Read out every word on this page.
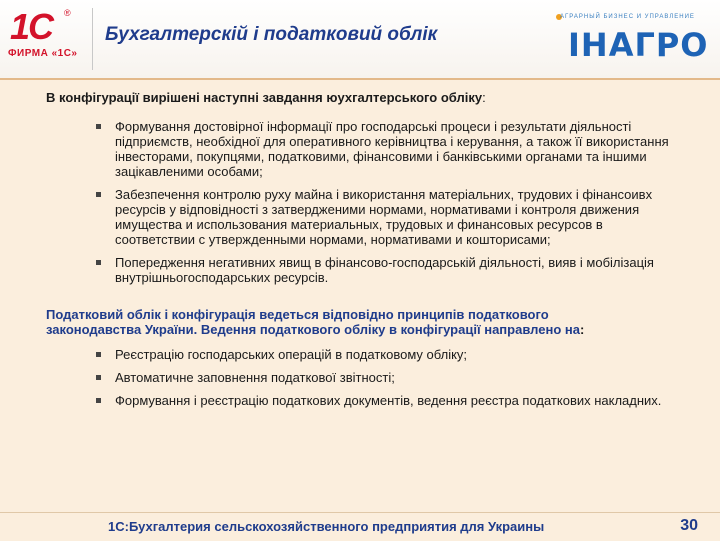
1C ®
ФИРМА «1С»
Бухгалтерскій і податковий облік
АГРАРНЫЙ БИЗНЕС И УПРАВЛЕНИЕ
ІНАГРО

В конфігурації вирішені наступні завдання юухгалтерського обліку:

Формування достовірної інформації про господарські процеси і результати діяльності підприємств, необхідної для оперативного керівництва і керування, а також її використання інвесторами, покупцями, податковими, фінансовими і банківськими органами та іншими зацікавленими особами;
Забезпечення контролю руху майна і використання матеріальних, трудових і фінансоивх ресурсів у відповідності з затвердженими нормами, нормативами і контроля движения имущества и использования материальных, трудовых и финансовых ресурсов в соответствии с утвержденными нормами, нормативами и кошторисами;
Попередження негативних явищ в фінансово-господарській діяльності, вияв і мобілізація внутрішньогосподарських ресурсів.

Податковий облік і конфігурація ведеться відповідно принципів податкового законодавства України. Ведення податкового обліку в конфігурації направлено на:

Реєстрацію господарських операцій в податковому обліку;
Автоматичне заповнення податкової звітності;
Формування і реєстрацію податкових документів, ведення реєстра податкових накладних.
1С:Бухгалтерия сельскохозяйственного предприятия для Украины	30
